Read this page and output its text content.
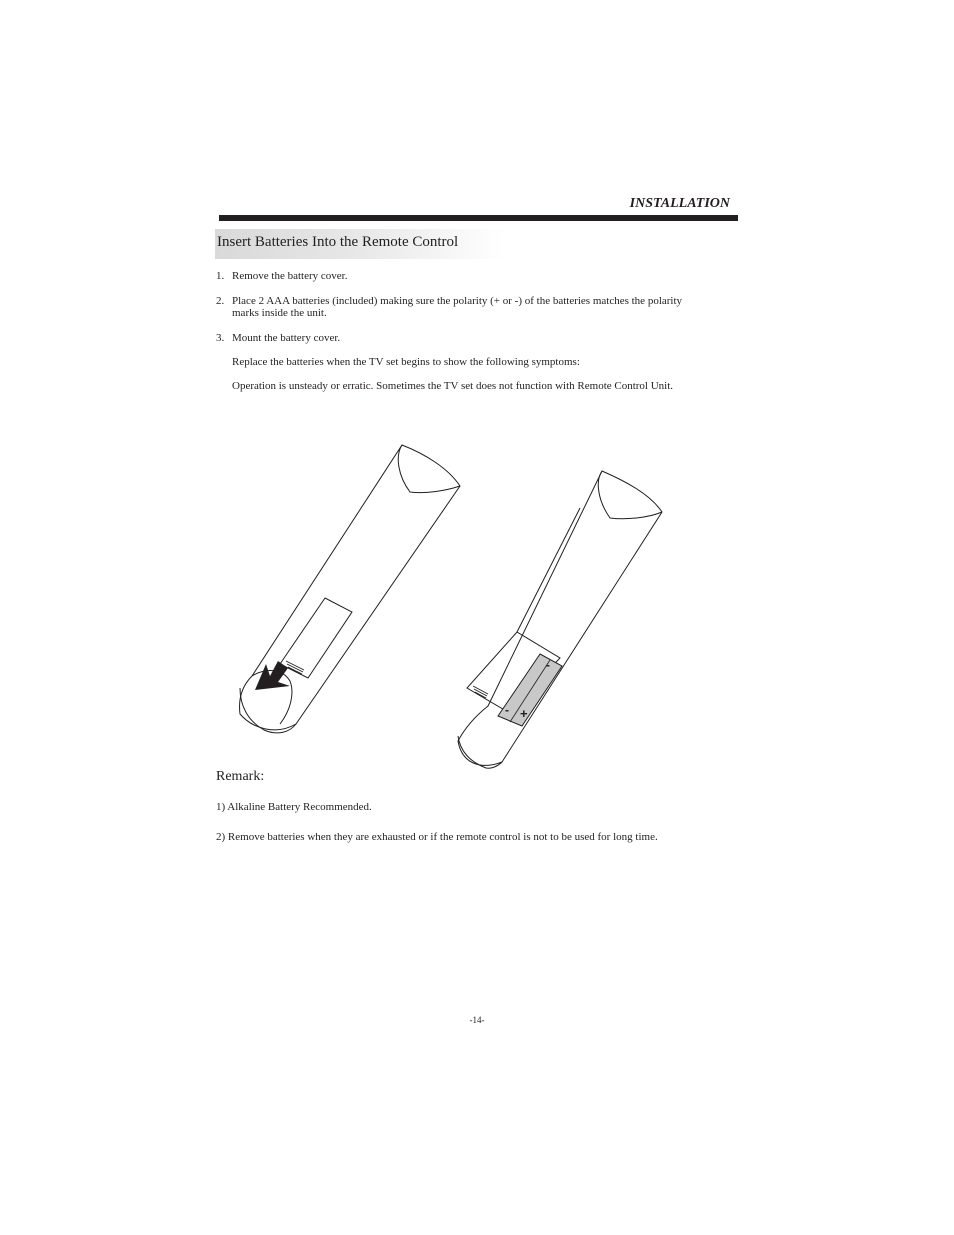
INSTALLATION
Insert Batteries Into the Remote Control
1. Remove the battery cover.
2. Place 2 AAA batteries (included) making sure the polarity (+ or -) of the batteries matches the polarity
marks inside the unit.
3. Mount the battery cover.
Replace the batteries when the TV set begins to show the following symptoms:
Operation is unsteady or erratic. Sometimes the TV set does not function with Remote Control Unit.
- +
-
Remark:
1) Alkaline Battery Recommended.
2) Remove batteries when they are exhausted or if the remote control is not to be used for long time.
-14-
